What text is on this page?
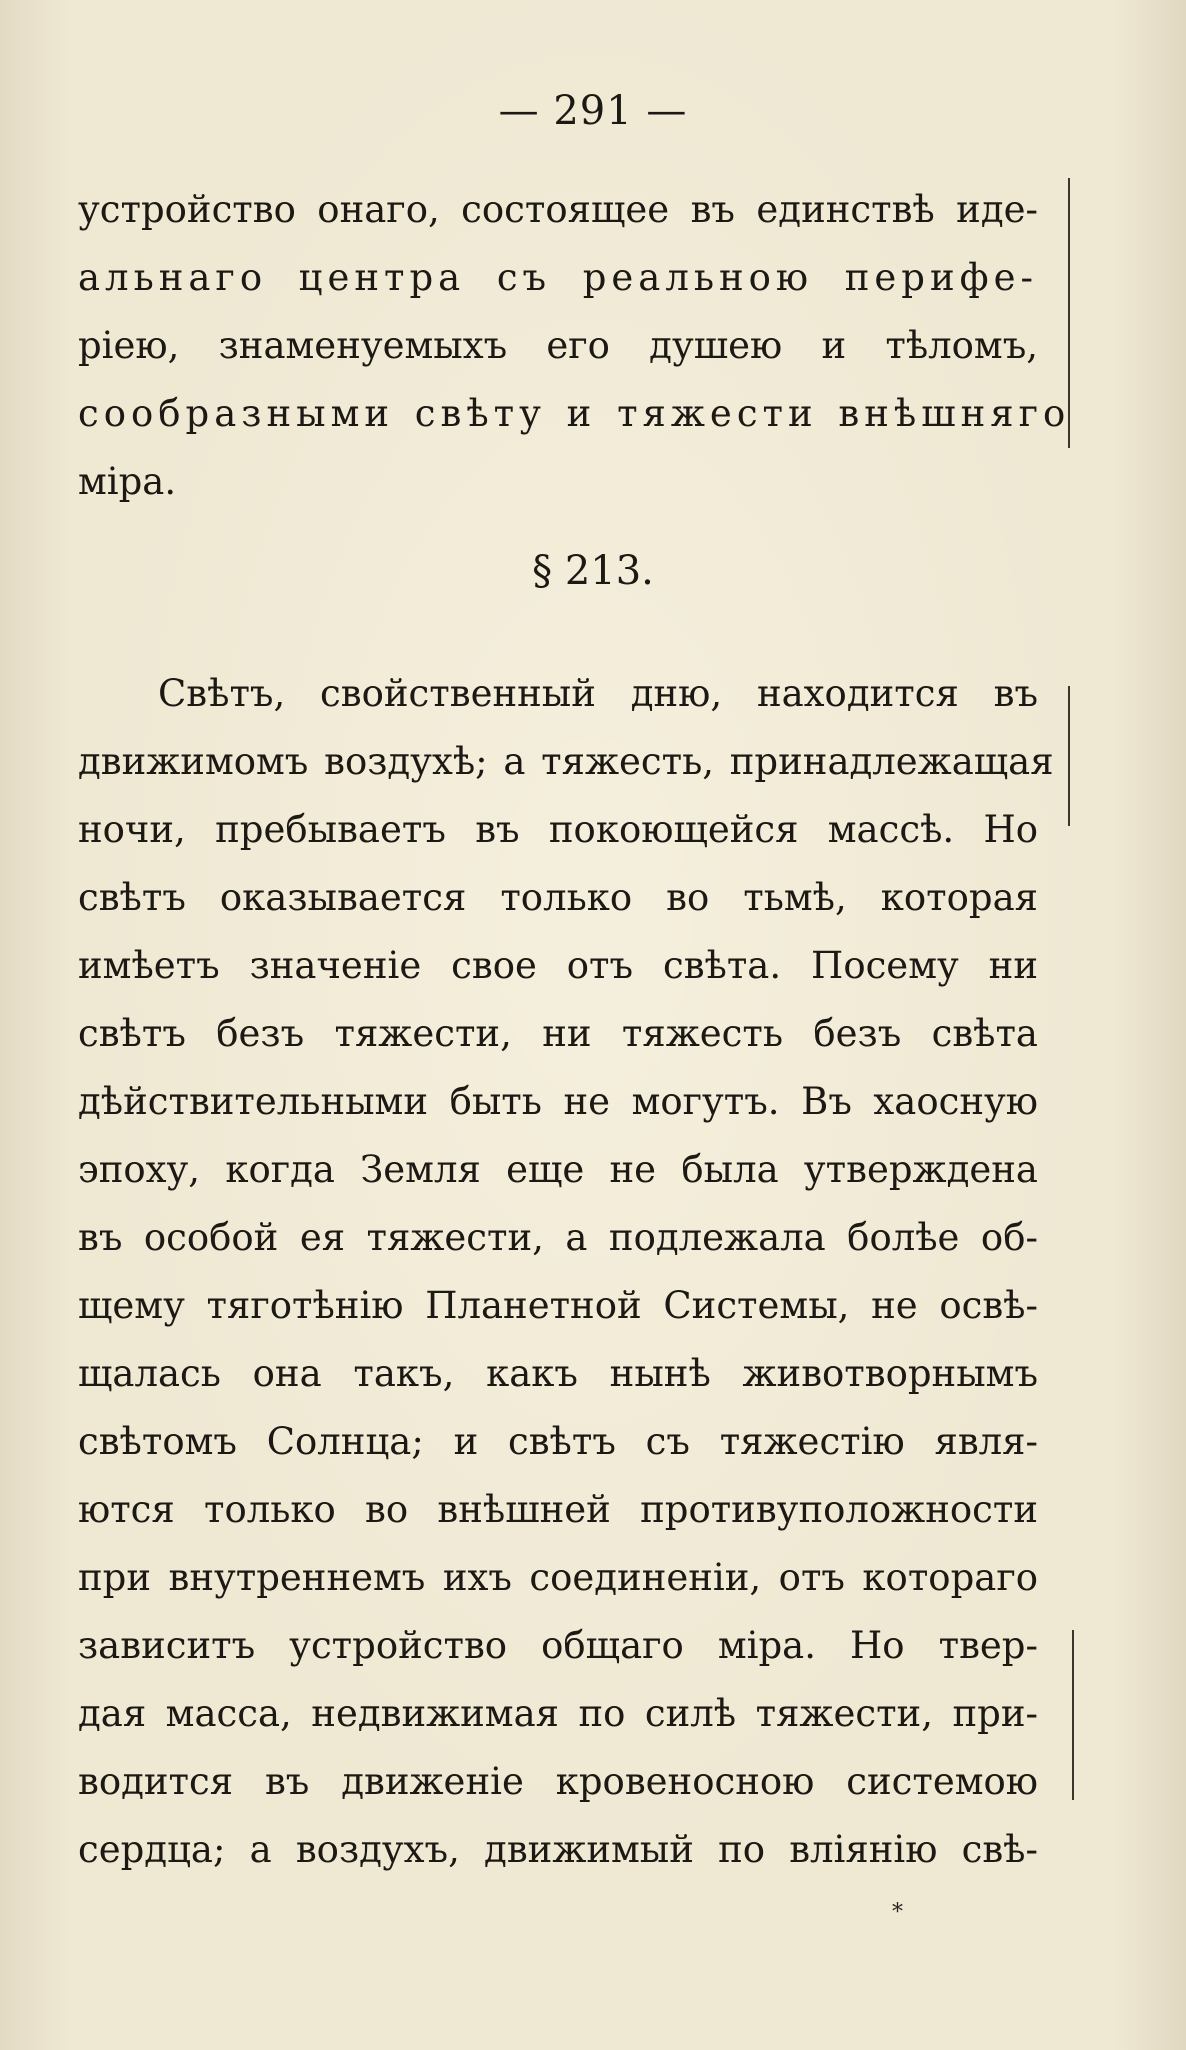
— 291 —
устройство онаго, состоящее въ единствѣ иде-
альнаго центра съ реальною перифе-
ріею, знаменуемыхъ его душею и тѣломъ,
сообразными свѣту и тяжести внѣшняго
міра.
§ 213.
Свѣтъ, свойственный дню, находится въ
движимомъ воздухѣ; а тяжесть, принадлежащая
ночи, пребываетъ въ покоющейся массѣ. Но
свѣтъ оказывается только во тьмѣ, которая
имѣетъ значеніе свое отъ свѣта. Посему ни
свѣтъ безъ тяжести, ни тяжесть безъ свѣта
дѣйствительными быть не могутъ. Въ хаосную
эпоху, когда Земля еще не была утверждена
въ особой ея тяжести, а подлежала болѣе об-
щему тяготѣнію Планетной Системы, не освѣ-
щалась она такъ, какъ нынѣ животворнымъ
свѣтомъ Солнца; и свѣтъ съ тяжестію явля-
ются только во внѣшней противуположности
при внутреннемъ ихъ соединеніи, отъ котораго
зависитъ устройство общаго міра. Но твер-
дая масса, недвижимая по силѣ тяжести, при-
водится въ движеніе кровеносною системою
сердца; а воздухъ, движимый по вліянію свѣ-
*
